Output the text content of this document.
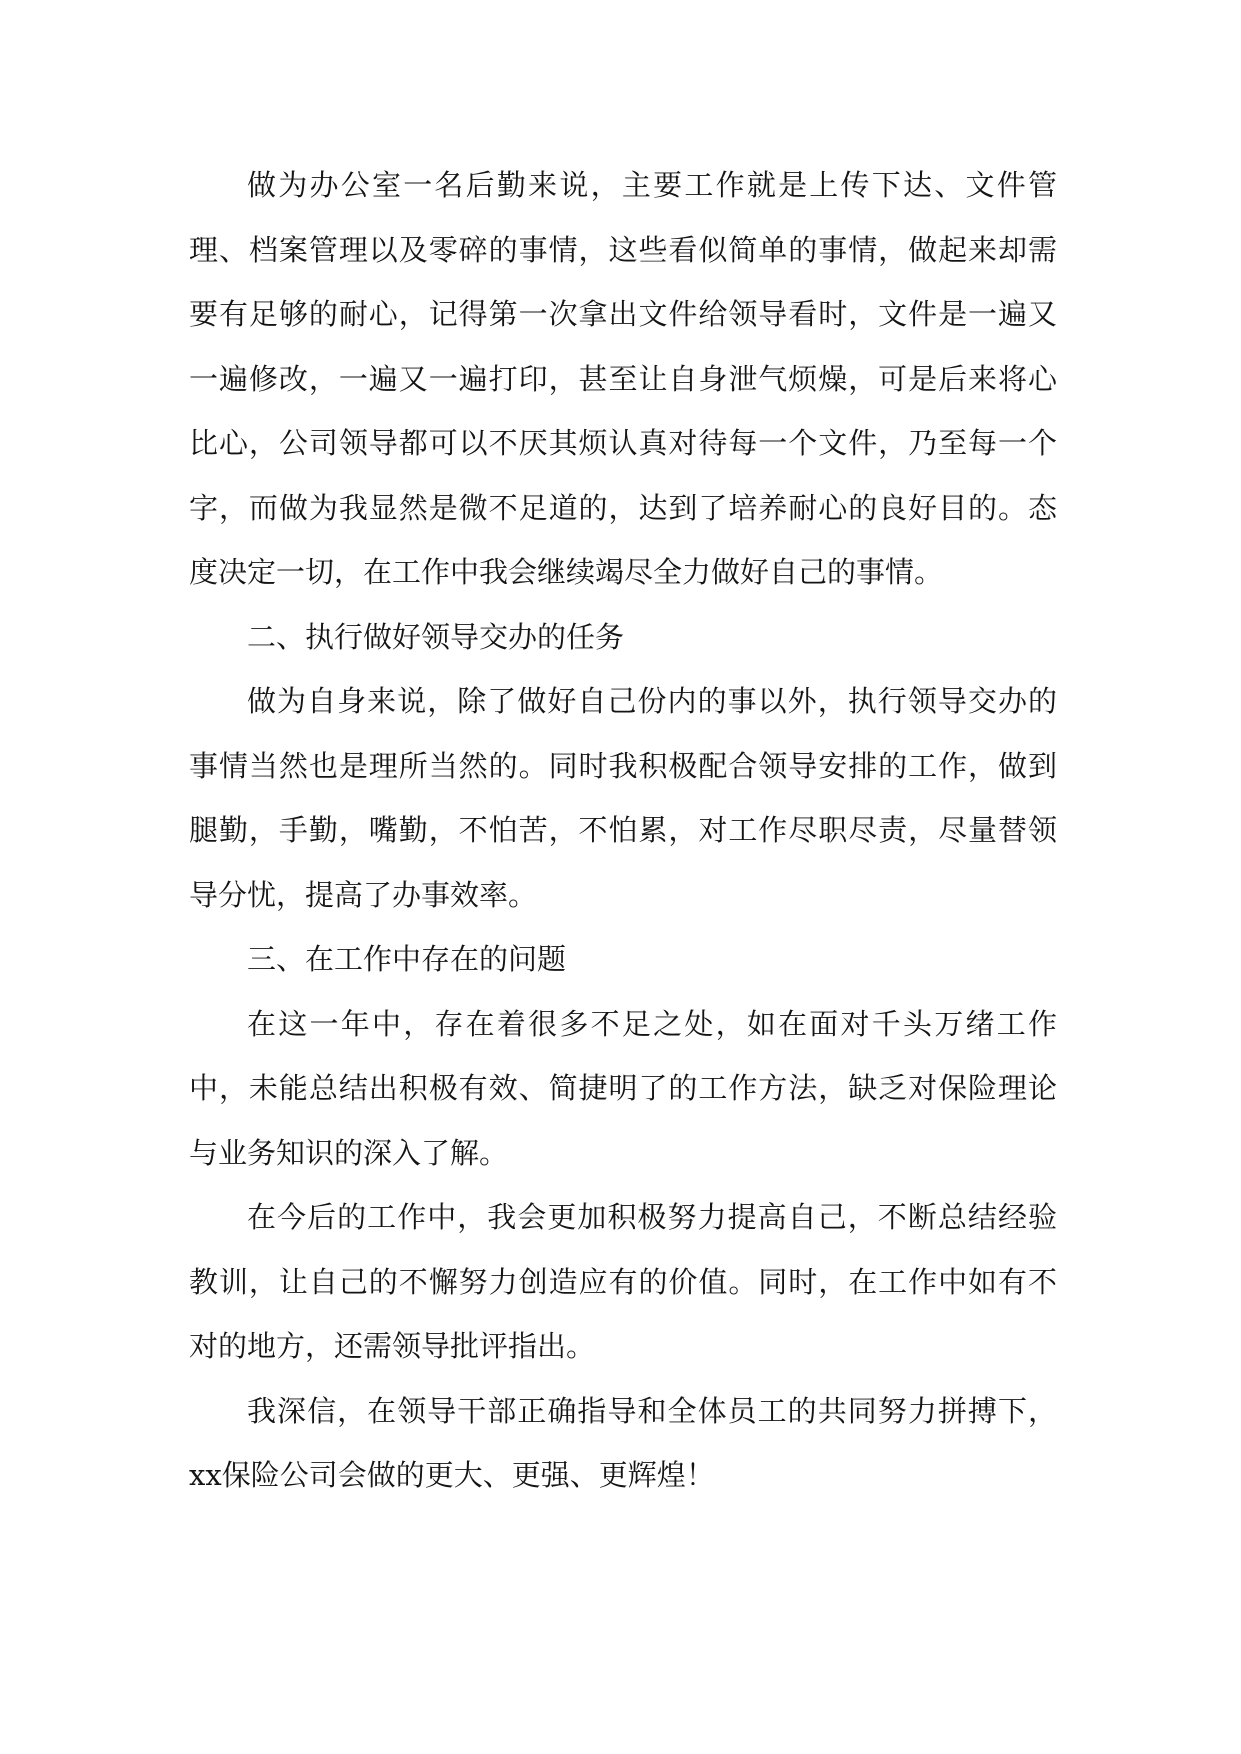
做为办公室一名后勤来说，主要工作就是上传下达、文件管理、档案管理以及零碎的事情，这些看似简单的事情，做起来却需要有足够的耐心，记得第一次拿出文件给领导看时，文件是一遍又一遍修改，一遍又一遍打印，甚至让自身泄气烦燥，可是后来将心比心，公司领导都可以不厌其烦认真对待每一个文件，乃至每一个字，而做为我显然是微不足道的，达到了培养耐心的良好目的。态度决定一切，在工作中我会继续竭尽全力做好自己的事情。

二、执行做好领导交办的任务

做为自身来说，除了做好自己份内的事以外，执行领导交办的事情当然也是理所当然的。同时我积极配合领导安排的工作，做到腿勤，手勤，嘴勤，不怕苦，不怕累，对工作尽职尽责，尽量替领导分忧，提高了办事效率。

三、在工作中存在的问题

在这一年中，存在着很多不足之处，如在面对千头万绪工作中，未能总结出积极有效、简捷明了的工作方法，缺乏对保险理论与业务知识的深入了解。

在今后的工作中，我会更加积极努力提高自己，不断总结经验教训，让自己的不懈努力创造应有的价值。同时，在工作中如有不对的地方，还需领导批评指出。

我深信，在领导干部正确指导和全体员工的共同努力拼搏下，xx保险公司会做的更大、更强、更辉煌！
